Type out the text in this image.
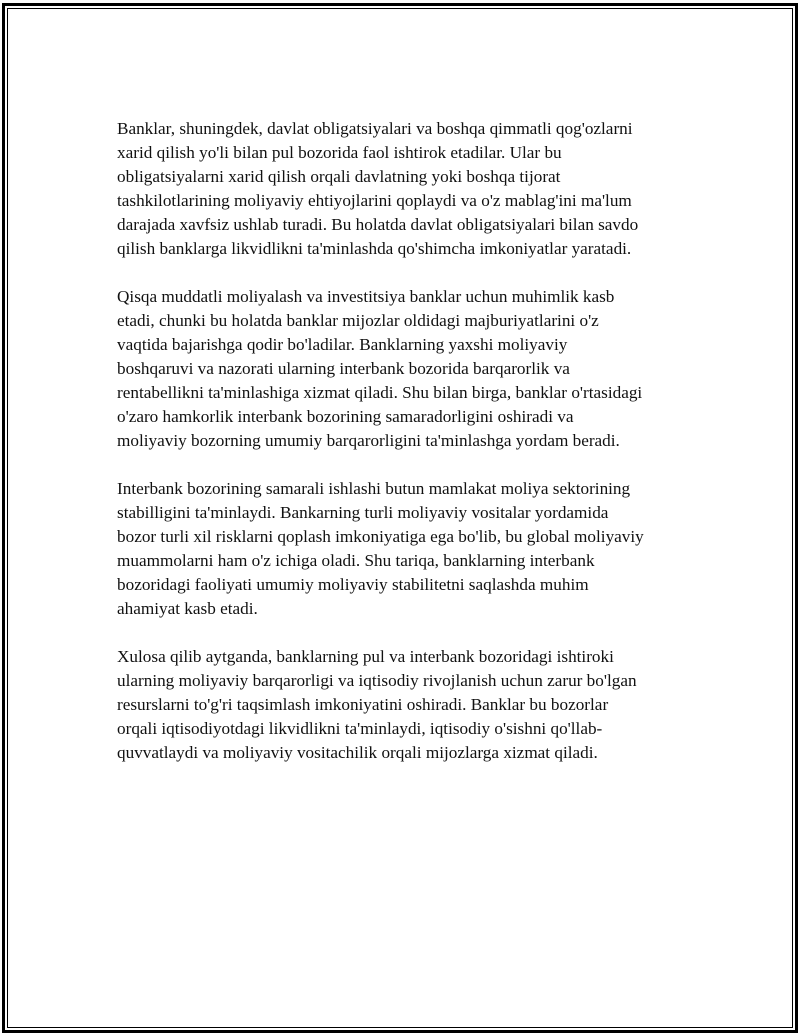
Banklar, shuningdek, davlat obligatsiyalari va boshqa qimmatli qog'ozlarni
xarid qilish yo'li bilan pul bozorida faol ishtirok etadilar. Ular bu
obligatsiyalarni xarid qilish orqali davlatning yoki boshqa tijorat
tashkilotlarining moliyaviy ehtiyojlarini qoplaydi va o'z mablag'ini ma'lum
darajada xavfsiz ushlab turadi. Bu holatda davlat obligatsiyalari bilan savdo
qilish banklarga likvidlikni ta'minlashda qo'shimcha imkoniyatlar yaratadi.

Qisqa muddatli moliyalash va investitsiya banklar uchun muhimlik kasb
etadi, chunki bu holatda banklar mijozlar oldidagi majburiyatlarini o'z
vaqtida bajarishga qodir bo'ladilar. Banklarning yaxshi moliyaviy
boshqaruvi va nazorati ularning interbank bozorida barqarorlik va
rentabellikni ta'minlashiga xizmat qiladi. Shu bilan birga, banklar o'rtasidagi
o'zaro hamkorlik interbank bozorining samaradorligini oshiradi va
moliyaviy bozorning umumiy barqarorligini ta'minlashga yordam beradi.

Interbank bozorining samarali ishlashi butun mamlakat moliya sektorining
stabilligini ta'minlaydi. Bankarning turli moliyaviy vositalar yordamida
bozor turli xil risklarni qoplash imkoniyatiga ega bo'lib, bu global moliyaviy
muammolarni ham o'z ichiga oladi. Shu tariqa, banklarning interbank
bozoridagi faoliyati umumiy moliyaviy stabilitetni saqlashda muhim
ahamiyat kasb etadi.

Xulosa qilib aytganda, banklarning pul va interbank bozoridagi ishtiroki
ularning moliyaviy barqarorligi va iqtisodiy rivojlanish uchun zarur bo'lgan
resurslarni to'g'ri taqsimlash imkoniyatini oshiradi. Banklar bu bozorlar
orqali iqtisodiyotdagi likvidlikni ta'minlaydi, iqtisodiy o'sishni qo'llab-
quvvatlaydi va moliyaviy vositachilik orqali mijozlarga xizmat qiladi.
